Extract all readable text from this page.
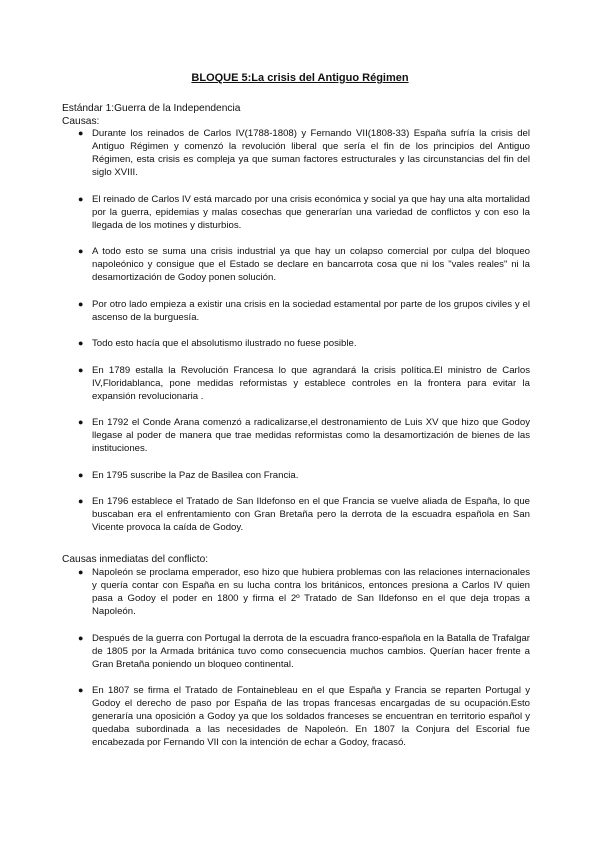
BLOQUE 5:La crisis del Antiguo Régimen
Estándar 1:Guerra de la Independencia
Causas:
● Durante los reinados de Carlos IV(1788-1808) y Fernando VII(1808-33) España sufría la crisis del Antiguo Régimen y comenzó la revolución liberal que sería el fin de los principios del Antiguo Régimen, esta crisis es compleja ya que suman factores estructurales y las circunstancias del fin del siglo XVIII.
● El reinado de Carlos IV está marcado por una crisis económica y social ya que hay una alta mortalidad por la guerra, epidemias y malas cosechas que generarían una variedad de conflictos y con eso la llegada de los motines y disturbios.
● A todo esto se suma una crisis industrial ya que hay un colapso comercial por culpa del bloqueo napoleónico y consigue que el Estado se declare en bancarrota cosa que ni los "vales reales" ni la desamortización de Godoy ponen solución.
● Por otro lado empieza a existir una crisis en la sociedad estamental por parte de los grupos civiles y el ascenso de la burguesía.
● Todo esto hacía que el absolutismo ilustrado no fuese posible.
● En 1789 estalla la Revolución Francesa lo que agrandará la crisis política.El ministro de Carlos IV,Floridablanca, pone medidas reformistas y establece controles en la frontera para evitar la expansión revolucionaria .
● En 1792 el Conde Arana comenzó a radicalizarse,el destronamiento de Luis XV que hizo que Godoy llegase al poder de manera que trae medidas reformistas como la desamortización de bienes de las instituciones.
● En 1795 suscribe la Paz de Basilea con Francia.
● En 1796 establece el Tratado de San Ildefonso en el que Francia se vuelve aliada de España, lo que buscaban era el enfrentamiento con Gran Bretaña pero la derrota de la escuadra española en San Vicente provoca la caída de Godoy.
Causas inmediatas del conflicto:
● Napoleón se proclama emperador, eso hizo que hubiera problemas con las relaciones internacionales y quería contar con España en su lucha contra los británicos, entonces presiona a Carlos IV quien pasa a Godoy el poder en 1800 y firma el 2º Tratado de San Ildefonso en el que deja tropas a Napoleón.
● Después de la guerra con Portugal la derrota de la escuadra franco-española en la Batalla de Trafalgar de 1805 por la Armada británica tuvo como consecuencia muchos cambios. Querían hacer frente a Gran Bretaña poniendo un bloqueo continental.
● En 1807 se firma el Tratado de Fontainebleau en el que España y Francia se reparten Portugal y Godoy el derecho de paso por España de las tropas francesas encargadas de su ocupación.Esto generaría una oposición a Godoy ya que los soldados franceses se encuentran en territorio español y quedaba subordinada a las necesidades de Napoleón. En 1807 la Conjura del Escorial fue encabezada por Fernando VII con la intención de echar a Godoy, fracasó.
